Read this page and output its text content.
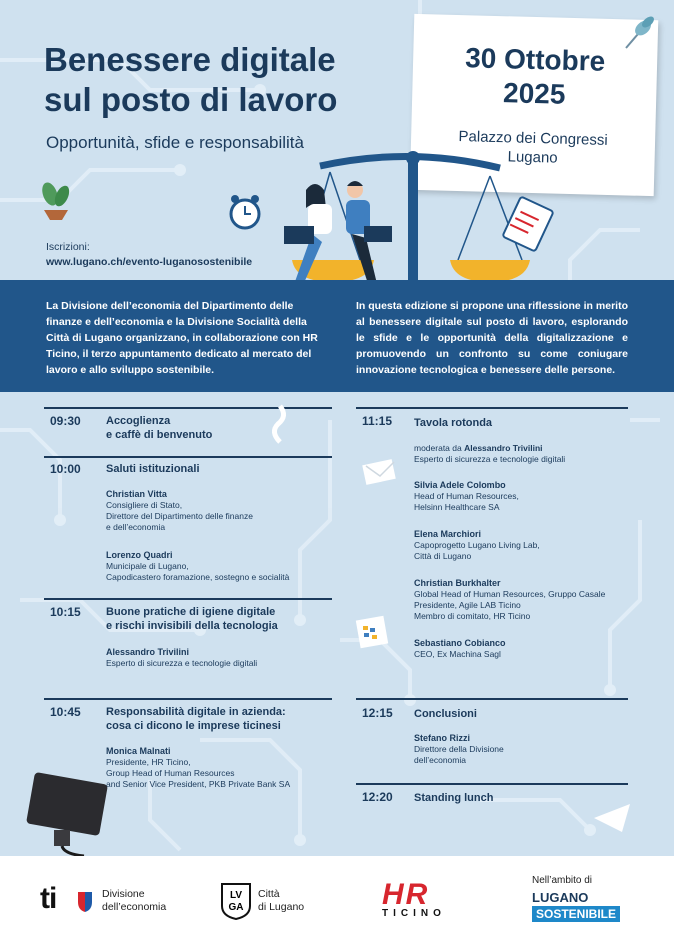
Benessere digitale sul posto di lavoro
Opportunità, sfide e responsabilità
30 Ottobre
2025
Palazzo dei Congressi
Lugano
Iscrizioni:
www.lugano.ch/evento-luganosostenibile
La Divisione dell’economia del Dipartimento delle finanze e dell’economia e la Divisione Socialità della Città di Lugano organizzano, in collaborazione con HR Ticino, il terzo appuntamento dedicato al mercato del lavoro e allo sviluppo sostenibile.
In questa edizione si propone una riflessione in merito al benessere digitale sul posto di lavoro, esplorando le sfide e le opportunità della digitalizzazione e promuovendo un confronto su come coniugare innovazione tecnologica e benessere delle persone.
09:30 Accoglienza
e caffè di benvenuto
10:00 Saluti istituzionali
Christian Vitta
Consigliere di Stato,
Direttore del Dipartimento delle finanze
e dell’economia
Lorenzo Quadri
Municipale di Lugano,
Capodicastero foramazione, sostegno e socialità
10:15 Buone pratiche di igiene digitale
e rischi invisibili della tecnologia
Alessandro Trivilini
Esperto di sicurezza e tecnologie digitali
10:45 Responsabilità digitale in azienda:
cosa ci dicono le imprese ticinesi
Monica Malnati
Presidente, HR Ticino,
Group Head of Human Resources
and Senior Vice President, PKB Private Bank SA
11:15 Tavola rotonda
moderata da Alessandro Trivilini
Esperto di sicurezza e tecnologie digitali
Silvia Adele Colombo
Head of Human Resources,
Helsinn Healthcare SA
Elena Marchiori
Capoprogetto Lugano Living Lab,
Città di Lugano
Christian Burkhalter
Global Head of Human Resources, Gruppo Casale
Presidente, Agile LAB Ticino
Membro di comitato, HR Ticino
Sebastiano Cobianco
CEO, Ex Machina Sagl
12:15 Conclusioni
Stefano Rizzi
Direttore della Divisione
dell’economia
12:20 Standing lunch
ti	Divisione
dell’economia
LV
GA
Città
di Lugano	HR
TICINO
Nell’ambito di
LUGANO
SOSTENIBILE
